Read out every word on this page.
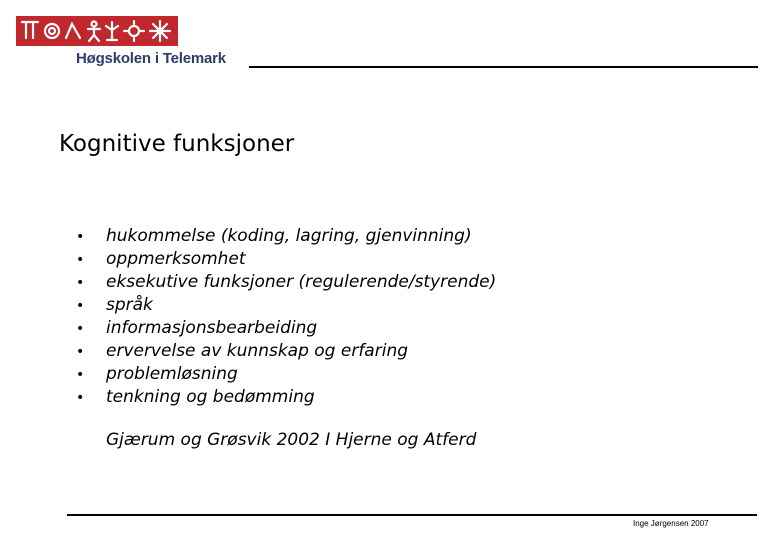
Høgskolen i Telemark
Kognitive funksjoner
•	hukommelse (koding, lagring, gjenvinning)
•	oppmerksomhet
•	eksekutive funksjoner (regulerende/styrende)
•	språk
•	informasjonsbearbeiding
•	ervervelse av kunnskap og erfaring
•	problemløsning
•	tenkning og bedømming
Gjærum og Grøsvik 2002 I Hjerne og Atferd
Inge Jørgensen 2007
